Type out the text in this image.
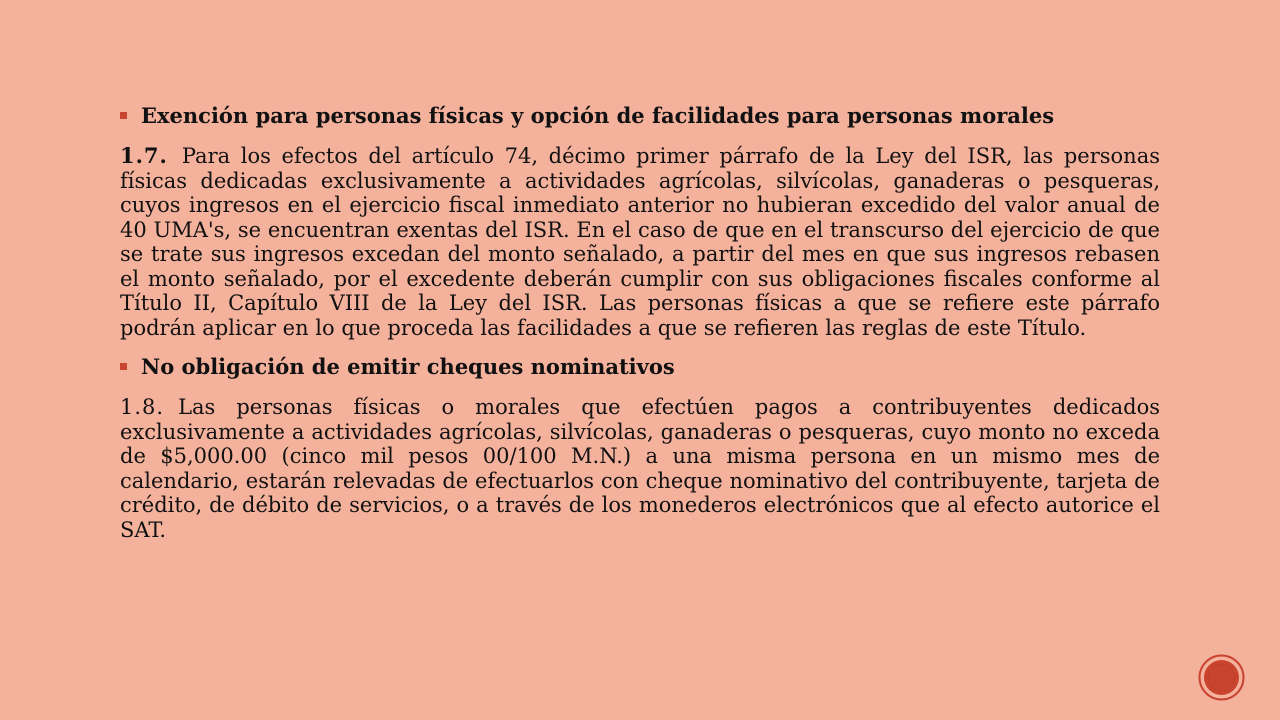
Exención para personas físicas y opción de facilidades para personas morales

1.7. Para los efectos del artículo 74, décimo primer párrafo de la Ley del ISR, las personas físicas dedicadas exclusivamente a actividades agrícolas, silvícolas, ganaderas o pesqueras, cuyos ingresos en el ejercicio fiscal inmediato anterior no hubieran excedido del valor anual de 40 UMA's, se encuentran exentas del ISR. En el caso de que en el transcurso del ejercicio de que se trate sus ingresos excedan del monto señalado, a partir del mes en que sus ingresos rebasen el monto señalado, por el excedente deberán cumplir con sus obligaciones fiscales conforme al Título II, Capítulo VIII de la Ley del ISR. Las personas físicas a que se refiere este párrafo podrán aplicar en lo que proceda las facilidades a que se refieren las reglas de este Título.

No obligación de emitir cheques nominativos

1.8. Las personas físicas o morales que efectúen pagos a contribuyentes dedicados exclusivamente a actividades agrícolas, silvícolas, ganaderas o pesqueras, cuyo monto no exceda de $5,000.00 (cinco mil pesos 00/100 M.N.) a una misma persona en un mismo mes de calendario, estarán relevadas de efectuarlos con cheque nominativo del contribuyente, tarjeta de crédito, de débito de servicios, o a través de los monederos electrónicos que al efecto autorice el SAT.
